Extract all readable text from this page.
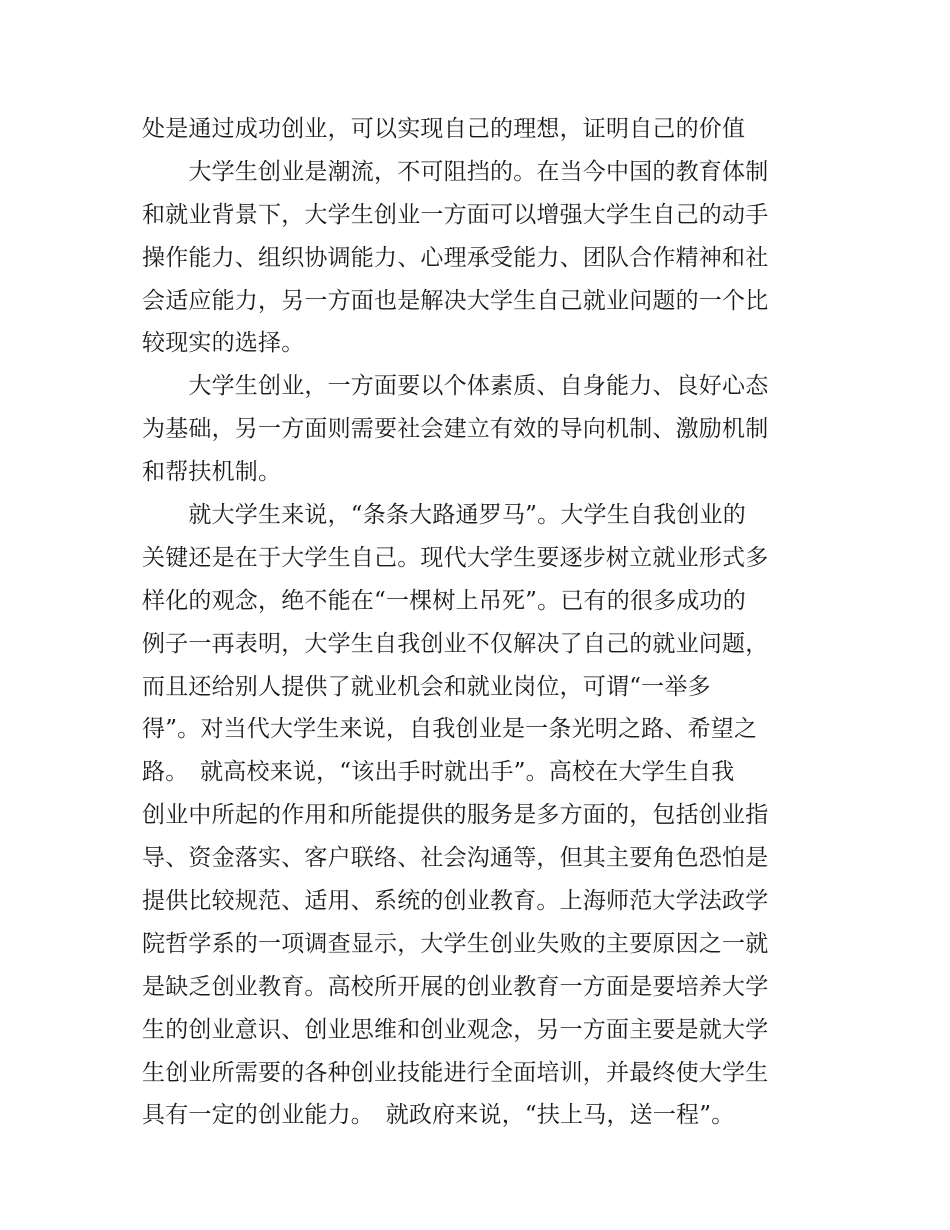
处是通过成功创业，可以实现自己的理想，证明自己的价值
　　大学生创业是潮流，不可阻挡的。在当今中国的教育体制
和就业背景下，大学生创业一方面可以增强大学生自己的动手
操作能力、组织协调能力、心理承受能力、团队合作精神和社
会适应能力，另一方面也是解决大学生自己就业问题的一个比
较现实的选择。
　　大学生创业，一方面要以个体素质、自身能力、良好心态
为基础，另一方面则需要社会建立有效的导向机制、激励机制
和帮扶机制。
　　就大学生来说，“条条大路通罗马”。大学生自我创业的
关键还是在于大学生自己。现代大学生要逐步树立就业形式多
样化的观念，绝不能在“一棵树上吊死”。已有的很多成功的
例子一再表明，大学生自我创业不仅解决了自己的就业问题，
而且还给别人提供了就业机会和就业岗位，可谓“一举多
得”。对当代大学生来说，自我创业是一条光明之路、希望之
路。　就高校来说，“该出手时就出手”。高校在大学生自我
创业中所起的作用和所能提供的服务是多方面的，包括创业指
导、资金落实、客户联络、社会沟通等，但其主要角色恐怕是
提供比较规范、适用、系统的创业教育。上海师范大学法政学
院哲学系的一项调查显示，大学生创业失败的主要原因之一就
是缺乏创业教育。高校所开展的创业教育一方面是要培养大学
生的创业意识、创业思维和创业观念，另一方面主要是就大学
生创业所需要的各种创业技能进行全面培训，并最终使大学生
具有一定的创业能力。　就政府来说，“扶上马，送一程”。
